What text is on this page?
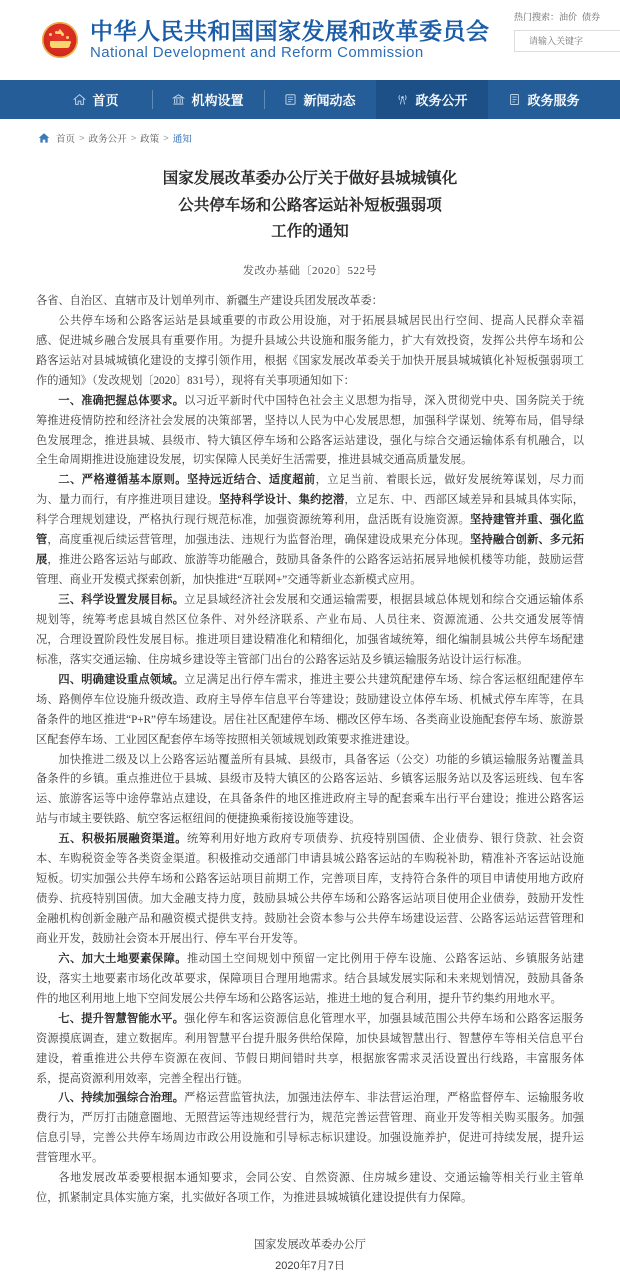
中华人民共和国国家发展和改革委员会
National Development and Reform Commission
热门搜索：油价 债券
请输入关键字
首页	机构设置	新闻动态	政务公开	政务服务
首页 > 政务公开 > 政策 > 通知
国家发展改革委办公厅关于做好县城城镇化
公共停车场和公路客运站补短板强弱项
工作的通知
发改办基础〔2020〕522号

各省、自治区、直辖市及计划单列市、新疆生产建设兵团发展改革委：

公共停车场和公路客运站是县域重要的市政公用设施，对于拓展县城居民出行空间、提高人民群众幸福感、促进城乡融合发展具有重要作用。为提升县域公共设施和服务能力，扩大有效投资，发挥公共停车场和公路客运站对县城城镇化建设的支撑引领作用，根据《国家发展改革委关于加快开展县城城镇化补短板强弱项工作的通知》（发改规划〔2020〕831号），现将有关事项通知如下：

一、准确把握总体要求。以习近平新时代中国特色社会主义思想为指导，深入贯彻党中央、国务院关于统筹推进疫情防控和经济社会发展的决策部署，坚持以人民为中心发展思想，加强科学谋划、统筹布局，倡导绿色发展理念，推进县城、县级市、特大镇区停车场和公路客运站建设，强化与综合交通运输体系有机融合，以全生命周期推进设施建设发展，切实保障人民美好生活需要，推进县城交通高质量发展。

二、严格遵循基本原则。坚持远近结合、适度超前，立足当前、着眼长远，做好发展统筹谋划，尽力而为、量力而行，有序推进项目建设。坚持科学设计、集约挖潜，立足东、中、西部区域差异和县城具体实际，科学合理规划建设，严格执行现行规范标准，加强资源统筹利用，盘活既有设施资源。坚持建管并重、强化监管，高度重视后续运营管理，加强违法、违规行为监督治理，确保建设成果充分体现。坚持融合创新、多元拓展，推进公路客运站与邮政、旅游等功能融合，鼓励具备条件的公路客运站拓展异地候机楼等功能，鼓励运营管理、商业开发模式探索创新，加快推进“互联网+”交通等新业态新模式应用。

三、科学设置发展目标。立足县域经济社会发展和交通运输需要，根据县域总体规划和综合交通运输体系规划等，统筹考虑县城自然区位条件、对外经济联系、产业布局、人员往来、资源流通、公共交通发展等情况，合理设置阶段性发展目标。推进项目建设精准化和精细化，加强省域统筹，细化编制县城公共停车场配建标准，落实交通运输、住房城乡建设等主管部门出台的公路客运站及乡镇运输服务站设计运行标准。

四、明确建设重点领域。立足满足出行停车需求，推进主要公共建筑配建停车场、综合客运枢纽配建停车场、路侧停车位设施升级改造、政府主导停车信息平台等建设；鼓励建设立体停车场、机械式停车库等，在具备条件的地区推进“P+R”停车场建设。居住社区配建停车场、棚改区停车场、各类商业设施配套停车场、旅游景区配套停车场、工业园区配套停车场等按照相关领域规划政策要求推进建设。

加快推进二级及以上公路客运站覆盖所有县城、县级市，具备客运（公交）功能的乡镇运输服务站覆盖具备条件的乡镇。重点推进位于县城、县级市及特大镇区的公路客运站、乡镇客运服务站以及客运班线、包车客运、旅游客运等中途停靠站点建设，在具备条件的地区推进政府主导的配套乘车出行平台建设；推进公路客运站与市域主要铁路、航空客运枢纽间的便捷换乘衔接设施等建设。

五、积极拓展融资渠道。统筹利用好地方政府专项债券、抗疫特别国债、企业债券、银行贷款、社会资本、车购税资金等各类资金渠道。积极推动交通部门申请县城公路客运站的车购税补助，精准补齐客运站设施短板。切实加强公共停车场和公路客运站项目前期工作，完善项目库，支持符合条件的项目申请使用地方政府债券、抗疫特别国债。加大金融支持力度，鼓励县城公共停车场和公路客运站项目使用企业债券，鼓励开发性金融机构创新金融产品和融资模式提供支持。鼓励社会资本参与公共停车场建设运营、公路客运站运营管理和商业开发，鼓励社会资本开展出行、停车平台开发等。

六、加大土地要素保障。推动国土空间规划中预留一定比例用于停车设施、公路客运站、乡镇服务站建设，落实土地要素市场化改革要求，保障项目合理用地需求。结合县域发展实际和未来规划情况，鼓励具备条件的地区利用地上地下空间发展公共停车场和公路客运站，推进土地的复合利用，提升节约集约用地水平。

七、提升智慧智能水平。强化停车和客运资源信息化管理水平，加强县域范围公共停车场和公路客运服务资源摸底调查，建立数据库。利用智慧平台提升服务供给保障，加快县域智慧出行、智慧停车等相关信息平台建设，着重推进公共停车资源在夜间、节假日期间错时共享，根据旅客需求灵活设置出行线路，丰富服务体系，提高资源利用效率，完善全程出行链。

八、持续加强综合治理。严格运营监管执法，加强违法停车、非法营运治理，严格监督停车、运输服务收费行为，严厉打击随意圈地、无照营运等违规经营行为，规范完善运营管理、商业开发等相关购买服务。加强信息引导，完善公共停车场周边市政公用设施和引导标志标识建设。加强设施养护，促进可持续发展，提升运营管理水平。

各地发展改革委要根据本通知要求，会同公安、自然资源、住房城乡建设、交通运输等相关行业主管单位，抓紧制定具体实施方案，扎实做好各项工作，为推进县城城镇化建设提供有力保障。

国家发展改革委办公厅
2020年7月7日
